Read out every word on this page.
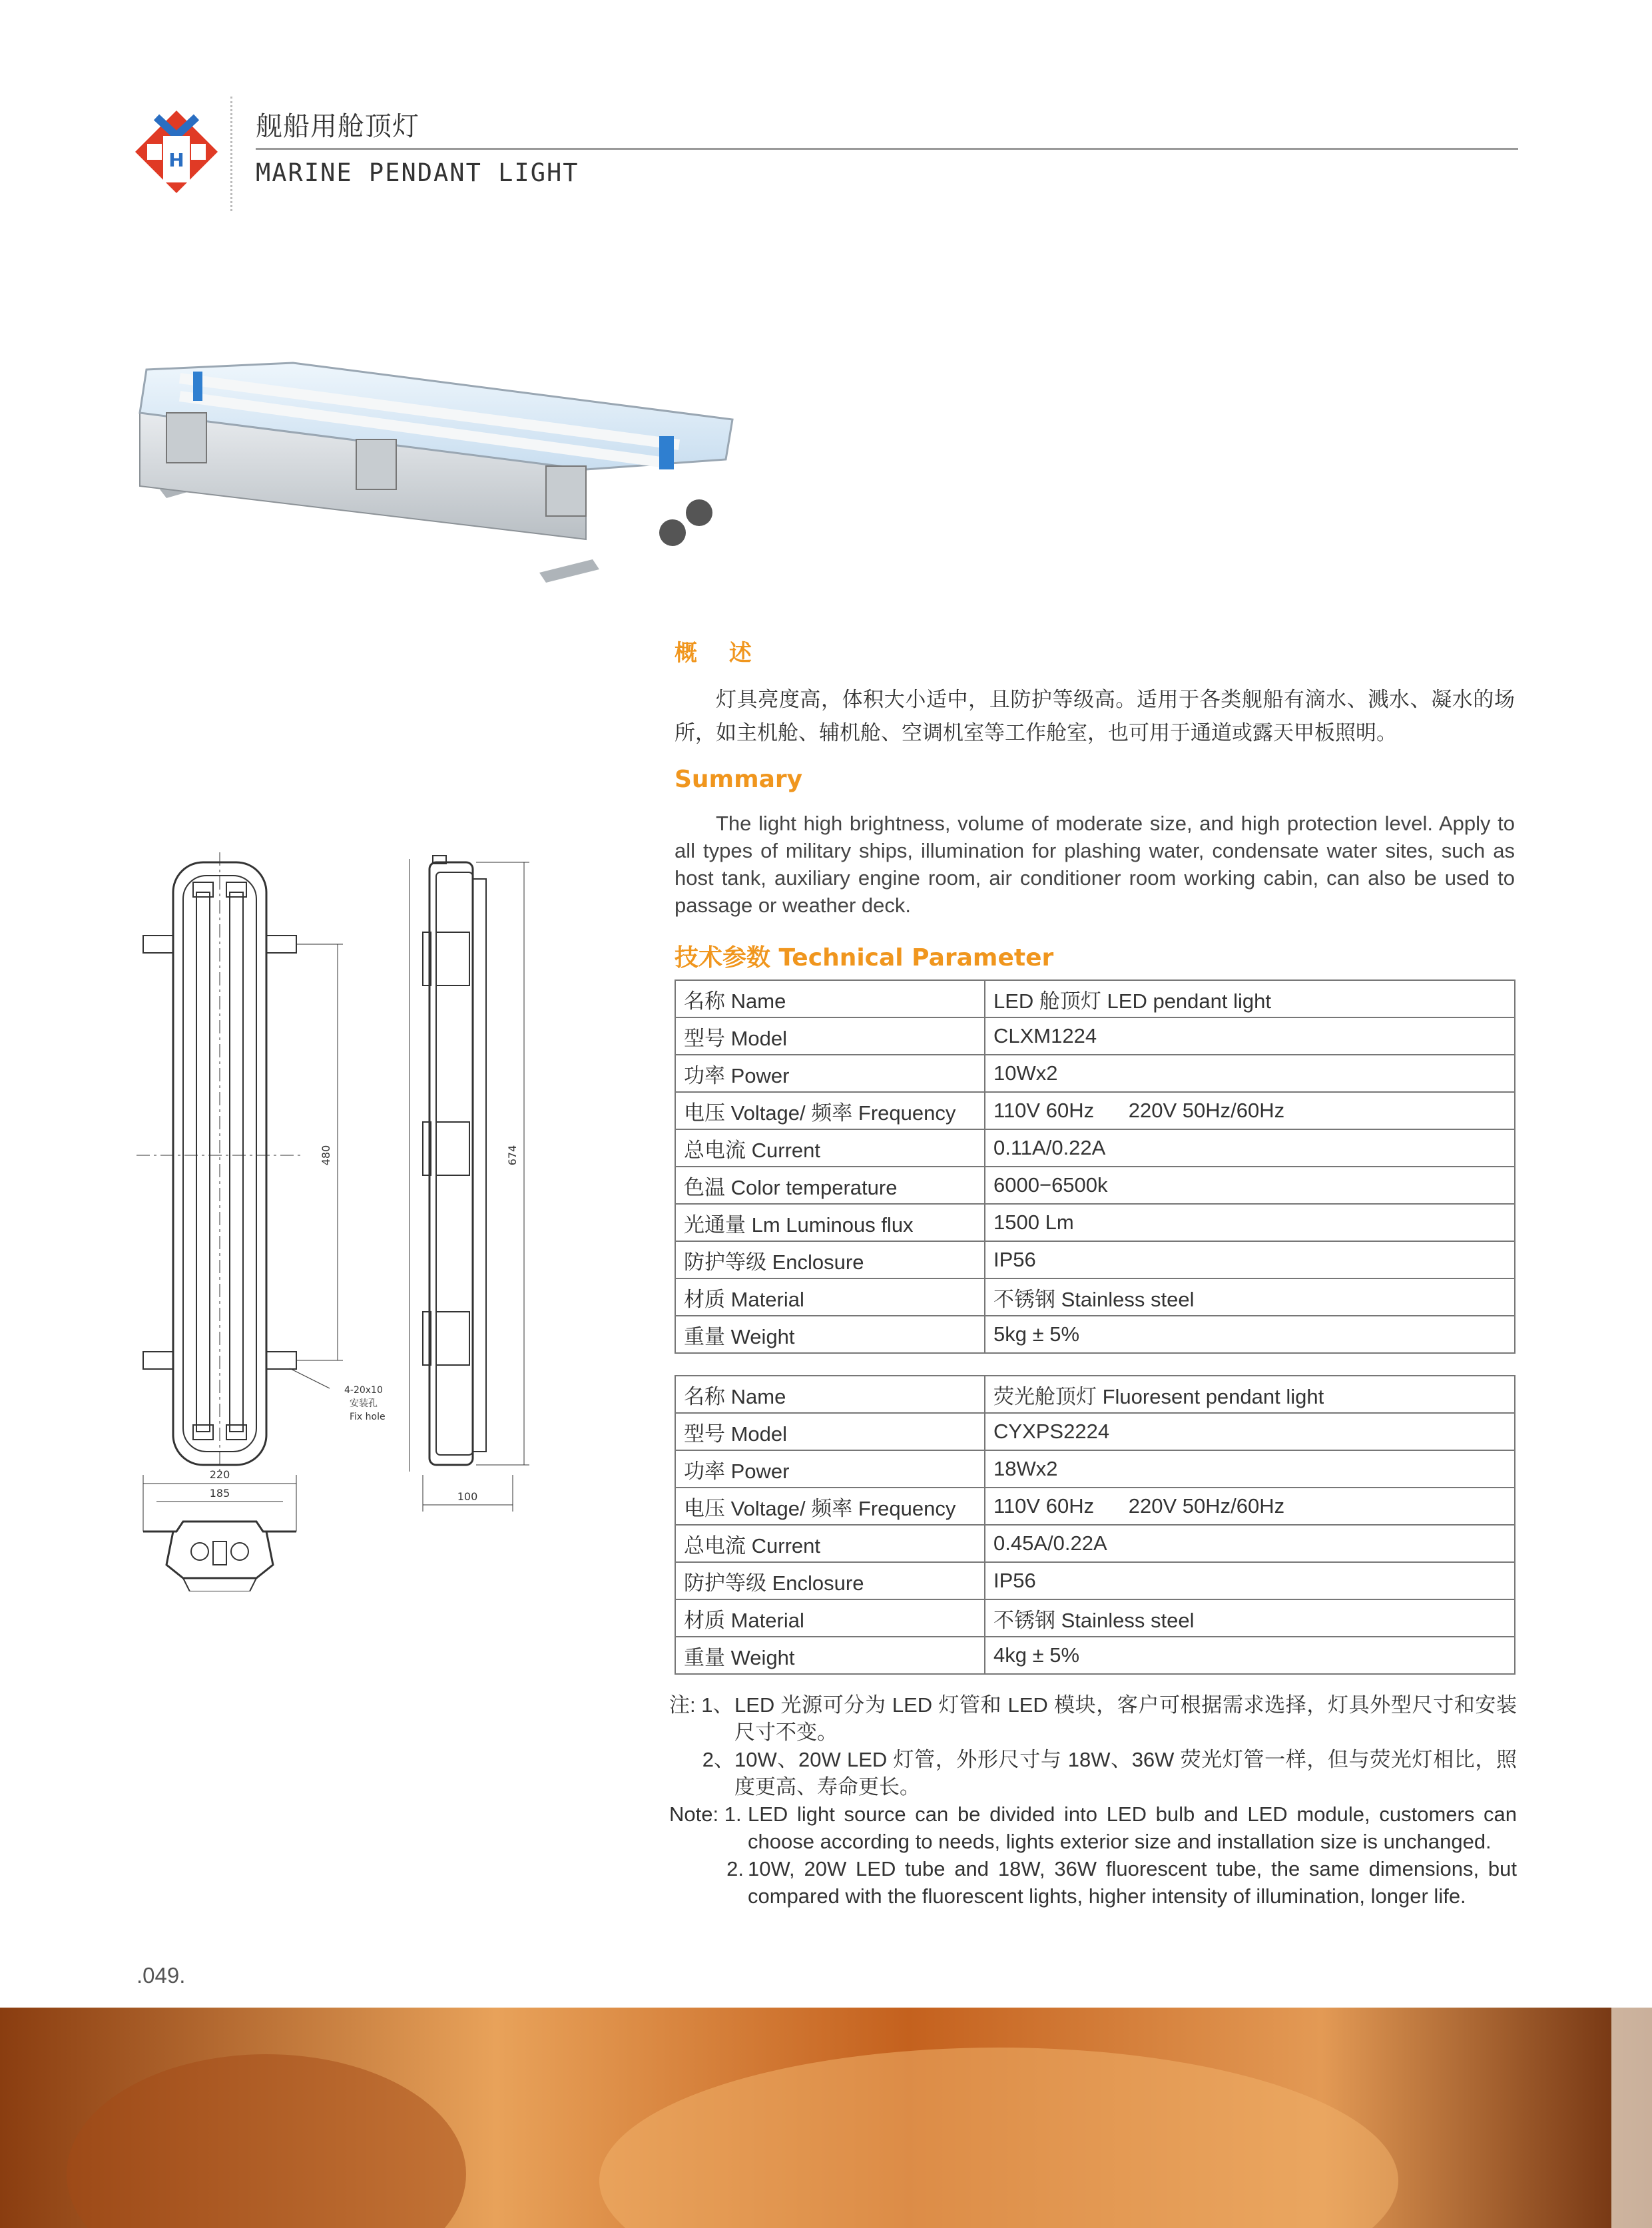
H
舰船用舱顶灯
MARINE PENDANT LIGHT
概 述
灯具亮度高，体积大小适中，且防护等级高。适用于各类舰船有滴水、溅水、凝水的场所，如主机舱、辅机舱、空调机室等工作舱室，也可用于通道或露天甲板照明。
Summary
The light high brightness, volume of moderate size, and high protection level. Apply to all types of military ships, illumination for plashing water, condensate water sites, such as host tank, auxiliary engine room, air conditioner room working cabin, can also be used to passage or weather deck.
技术参数 Technical Parameter
名称 Name	LED 舱顶灯 LED pendant light
型号 Model	CLXM1224
功率 Power	10Wx2
电压 Voltage/ 频率 Frequency	110V 60Hz      220V 50Hz/60Hz
总电流 Current	0.11A/0.22A
色温 Color temperature	6000−6500k
光通量 Lm Luminous flux	1500 Lm
防护等级 Enclosure	IP56
材质 Material	不锈钢 Stainless steel
重量 Weight	5kg ± 5%
名称 Name	荧光舱顶灯 Fluoresent pendant light
型号 Model	CYXPS2224
功率 Power	18Wx2
电压 Voltage/ 频率 Frequency	110V 60Hz      220V 50Hz/60Hz
总电流 Current	0.45A/0.22A
防护等级 Enclosure	IP56
材质 Material	不锈钢 Stainless steel
重量 Weight	4kg ± 5%
注: 1、 LED 光源可分为 LED 灯管和 LED 模块，客户可根据需求选择，灯具外型尺寸和安装尺寸不变。
2、 10W、20W LED 灯管，外形尺寸与 18W、36W 荧光灯管一样，但与荧光灯相比，照度更高、寿命更长。
Note: 1. LED light source can be divided into LED bulb and LED module, customers can choose according to needs, lights exterior size and installation size is unchanged.
2. 10W, 20W LED tube and 18W, 36W fluorescent tube, the same dimensions, but compared with the fluorescent lights, higher intensity of illumination, longer life.
480
4-20x10
安装孔
Fix hole
220
185
674
100
.049.
